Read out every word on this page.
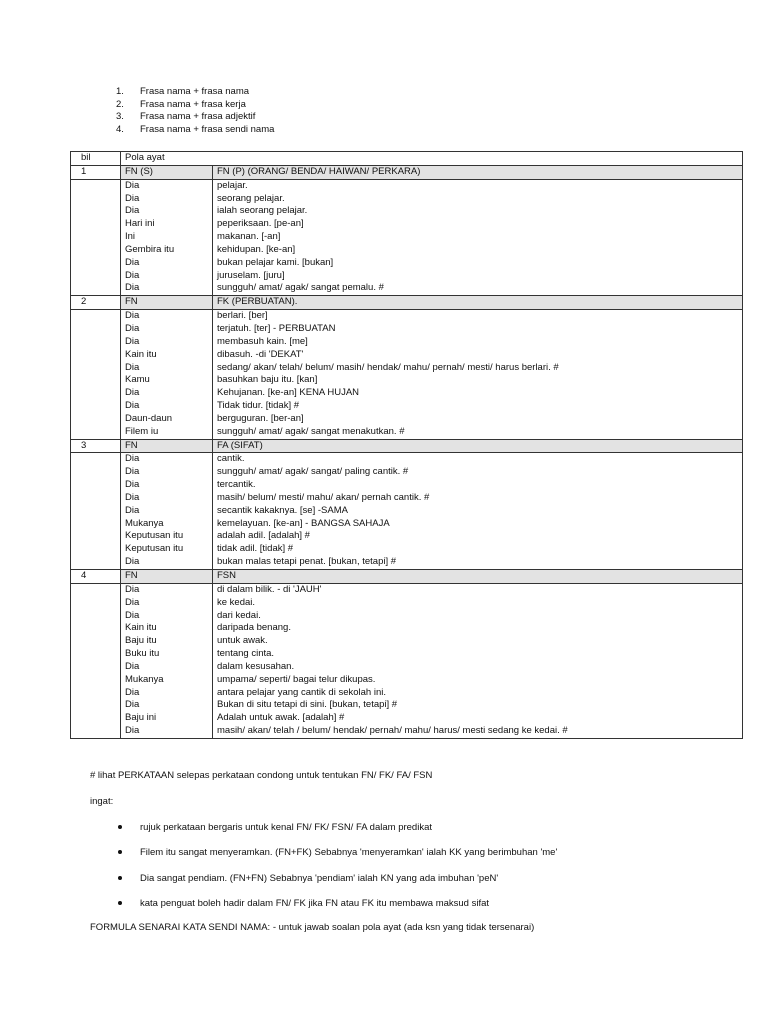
1.	Frasa nama + frasa nama
2.	Frasa nama + frasa kerja
3.	Frasa nama + frasa adjektif
4.	Frasa nama + frasa sendi nama
bil	Pola ayat	
1	FN (S)	FN (P) (ORANG/ BENDA/ HAIWAN/ PERKARA)
	Dia	pelajar.
	Dia	seorang pelajar.
	Dia	ialah seorang pelajar.
	Hari ini	peperiksaan. [pe-an]
	Ini	makanan. [-an]
	Gembira itu	kehidupan. [ke-an]
	Dia	bukan pelajar kami. [bukan]
	Dia	juruselam. [juru]
	Dia	sungguh/ amat/ agak/ sangat pemalu. #
2	FN	FK (PERBUATAN).
	Dia	berlari. [ber]
	Dia	terjatuh. [ter] - PERBUATAN
	Dia	membasuh kain. [me]
	Kain itu	dibasuh. -di 'DEKAT'
	Dia	sedang/ akan/ telah/ belum/ masih/ hendak/ mahu/ pernah/ mesti/ harus berlari. #
	Kamu	basuhkan baju itu. [kan]
	Dia	Kehujanan. [ke-an] KENA HUJAN
	Dia	Tidak tidur. [tidak] #
	Daun-daun	berguguran. [ber-an]
	Filem iu	sungguh/ amat/ agak/ sangat menakutkan. #
3	FN	FA (SIFAT)
	Dia	cantik.
	Dia	sungguh/ amat/ agak/ sangat/ paling cantik. #
	Dia	tercantik.
	Dia	masih/ belum/ mesti/ mahu/ akan/ pernah cantik. #
	Dia	secantik kakaknya. [se] -SAMA
	Mukanya	kemelayuan. [ke-an] - BANGSA SAHAJA
	Keputusan itu	adalah adil. [adalah] #
	Keputusan itu	tidak adil. [tidak] #
	Dia	bukan malas tetapi penat. [bukan, tetapi] #
4	FN	FSN
	Dia	di dalam bilik. - di 'JAUH'
	Dia	ke kedai.
	Dia	dari kedai.
	Kain itu	daripada benang.
	Baju itu	untuk awak.
	Buku itu	tentang cinta.
	Dia	dalam kesusahan.
	Mukanya	umpama/ seperti/ bagai telur dikupas.
	Dia	antara pelajar yang cantik di sekolah ini.
	Dia	Bukan di situ tetapi di sini. [bukan, tetapi] #
	Baju ini	Adalah untuk awak. [adalah] #
	Dia	masih/ akan/ telah / belum/ hendak/ pernah/ mahu/ harus/ mesti sedang ke kedai. #
# lihat PERKATAAN selepas perkataan condong untuk tentukan FN/ FK/ FA/ FSN
ingat:
rujuk perkataan bergaris untuk kenal FN/ FK/ FSN/ FA dalam predikat
Filem itu sangat menyeramkan. (FN+FK) Sebabnya 'menyeramkan' ialah KK yang berimbuhan 'me'
Dia sangat pendiam. (FN+FN) Sebabnya 'pendiam' ialah KN yang ada imbuhan 'peN'
kata penguat boleh hadir dalam FN/ FK jika FN atau FK itu membawa maksud sifat
FORMULA SENARAI KATA SENDI NAMA: - untuk jawab soalan pola ayat (ada ksn yang tidak tersenarai)
